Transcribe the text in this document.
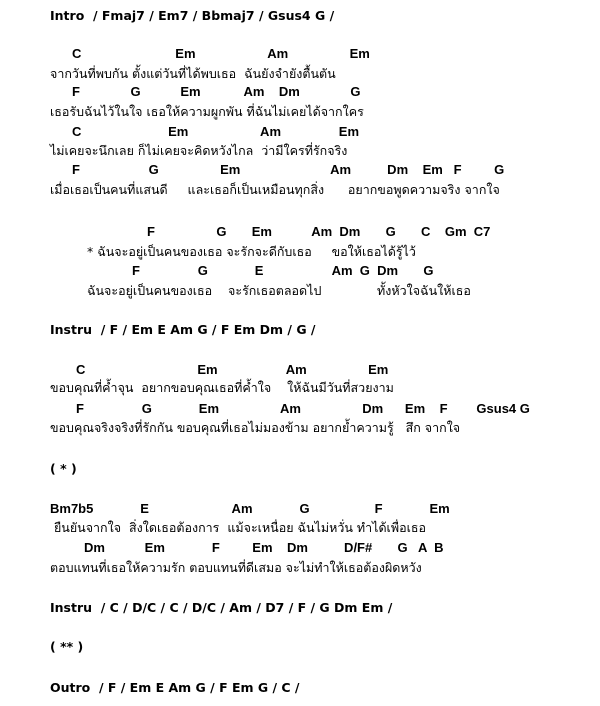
Intro  / Fmaj7 / Em7 / Bbmaj7 / Gsus4 G /
C                          Em                    Am                 Em
จากวันที่พบกัน ตั้งแต่วันที่ได้พบเธอ  ฉันยังจำยังตื้นตัน
F              G           Em            Am    Dm              G
เธอรับฉันไว้ในใจ เธอให้ความผูกพัน ที่ฉันไม่เคยได้จากใคร
C                        Em                    Am                Em
ไม่เคยจะนึกเลย ก็ไม่เคยจะคิดหวังไกล  ว่ามีใครที่รักจริง
F                   G                 Em                         Am          Dm    Em   F         G
เมื่อเธอเป็นคนที่แสนดี     และเธอก็เป็นเหมือนทุกสิ่ง      อยากขอพูดความจริง จากใจ
F                 G       Em           Am  Dm       G       C    Gm  C7
* ฉันจะอยู่เป็นคนของเธอ จะรักจะดีกับเธอ     ขอให้เธอได้รู้ไว้
F                G             E                   Am  G  Dm       G
ฉันจะอยู่เป็นคนของเธอ    จะรักเธอตลอดไป              ทั้งหัวใจฉันให้เธอ
Instru  / F / Em E Am G / F Em Dm / G /
C                               Em                   Am                 Em
ขอบคุณที่ค้ำจุน  อยากขอบคุณเธอที่ค้ำใจ    ให้ฉันมีวันที่สวยงาม
F                G             Em                 Am                 Dm      Em    F        Gsus4 G
ขอบคุณจริงจริงที่รักกัน ขอบคุณที่เธอไม่มองข้าม อยากย้ำความรู้   สึก จากใจ
( * )
Bm7b5             E                       Am             G                  F             Em
ยืนยันจากใจ  สิ่งใดเธอต้องการ  แม้จะเหนื่อย ฉันไม่หวั่น ทำได้เพื่อเธอ
Dm           Em             F         Em    Dm          D/F#       G   A  B
ตอบแทนที่เธอให้ความรัก ตอบแทนที่ดีเสมอ จะไม่ทำให้เธอต้องผิดหวัง
Instru  / C / D/C / C / D/C / Am / D7 / F / G Dm Em /
( ** )
Outro  / F / Em E Am G / F Em G / C /
